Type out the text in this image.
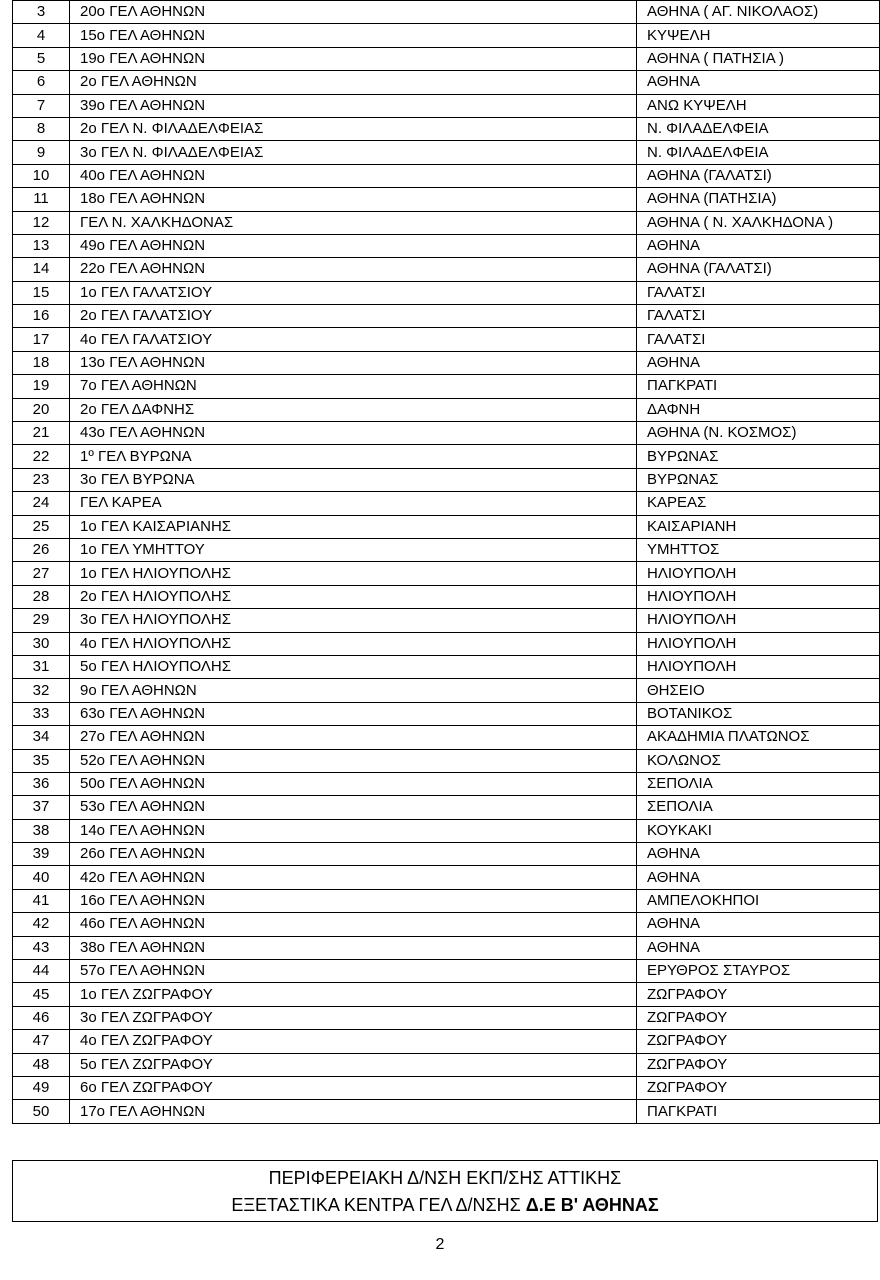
3	20ο ΓΕΛ ΑΘΗΝΩΝ	ΑΘΗΝΑ ( ΑΓ. ΝΙΚΟΛΑΟΣ)
4	15ο ΓΕΛ ΑΘΗΝΩΝ	ΚΥΨΕΛΗ
5	19ο ΓΕΛ ΑΘΗΝΩΝ	ΑΘΗΝΑ ( ΠΑΤΗΣΙΑ )
6	2ο ΓΕΛ ΑΘΗΝΩΝ	ΑΘΗΝΑ
7	39ο ΓΕΛ ΑΘΗΝΩΝ	ΑΝΩ ΚΥΨΕΛΗ
8	2ο ΓΕΛ Ν. ΦΙΛΑΔΕΛΦΕΙΑΣ	Ν. ΦΙΛΑΔΕΛΦΕΙΑ
9	3ο ΓΕΛ Ν. ΦΙΛΑΔΕΛΦΕΙΑΣ	Ν. ΦΙΛΑΔΕΛΦΕΙΑ
10	40ο ΓΕΛ ΑΘΗΝΩΝ	ΑΘΗΝΑ (ΓΑΛΑΤΣΙ)
11	18ο ΓΕΛ ΑΘΗΝΩΝ	ΑΘΗΝΑ (ΠΑΤΗΣΙΑ)
12	ΓΕΛ Ν. ΧΑΛΚΗΔΟΝΑΣ	ΑΘΗΝΑ ( Ν. ΧΑΛΚΗΔΟΝΑ )
13	49ο ΓΕΛ ΑΘΗΝΩΝ	ΑΘΗΝΑ
14	22ο ΓΕΛ ΑΘΗΝΩΝ	ΑΘΗΝΑ (ΓΑΛΑΤΣΙ)
15	1ο ΓΕΛ ΓΑΛΑΤΣΙΟΥ	ΓΑΛΑΤΣΙ
16	2ο ΓΕΛ ΓΑΛΑΤΣΙΟΥ	ΓΑΛΑΤΣΙ
17	4ο ΓΕΛ ΓΑΛΑΤΣΙΟΥ	ΓΑΛΑΤΣΙ
18	13ο ΓΕΛ ΑΘΗΝΩΝ	ΑΘΗΝΑ
19	7ο ΓΕΛ ΑΘΗΝΩΝ	ΠΑΓΚΡΑΤΙ
20	2ο ΓΕΛ ΔΑΦΝΗΣ	ΔΑΦΝΗ
21	43ο ΓΕΛ ΑΘΗΝΩΝ	ΑΘΗΝΑ (Ν. ΚΟΣΜΟΣ)
22	1º ΓΕΛ ΒΥΡΩΝΑ	ΒΥΡΩΝΑΣ
23	3ο ΓΕΛ ΒΥΡΩΝΑ	ΒΥΡΩΝΑΣ
24	ΓΕΛ ΚΑΡΕΑ	ΚΑΡΕΑΣ
25	1ο ΓΕΛ ΚΑΙΣΑΡΙΑΝΗΣ	ΚΑΙΣΑΡΙΑΝΗ
26	1ο ΓΕΛ ΥΜΗΤΤΟΥ	ΥΜΗΤΤΟΣ
27	1ο ΓΕΛ ΗΛΙΟΥΠΟΛΗΣ	ΗΛΙΟΥΠΟΛΗ
28	2ο ΓΕΛ ΗΛΙΟΥΠΟΛΗΣ	ΗΛΙΟΥΠΟΛΗ
29	3ο ΓΕΛ ΗΛΙΟΥΠΟΛΗΣ	ΗΛΙΟΥΠΟΛΗ
30	4ο ΓΕΛ ΗΛΙΟΥΠΟΛΗΣ	ΗΛΙΟΥΠΟΛΗ
31	5ο ΓΕΛ ΗΛΙΟΥΠΟΛΗΣ	ΗΛΙΟΥΠΟΛΗ
32	9ο ΓΕΛ ΑΘΗΝΩΝ	ΘΗΣΕΙΟ
33	63ο ΓΕΛ ΑΘΗΝΩΝ	ΒΟΤΑΝΙΚΟΣ
34	27ο ΓΕΛ ΑΘΗΝΩΝ	ΑΚΑΔΗΜΙΑ ΠΛΑΤΩΝΟΣ
35	52ο ΓΕΛ ΑΘΗΝΩΝ	ΚΟΛΩΝΟΣ
36	50ο ΓΕΛ ΑΘΗΝΩΝ	ΣΕΠΟΛΙΑ
37	53ο ΓΕΛ ΑΘΗΝΩΝ	ΣΕΠΟΛΙΑ
38	14ο ΓΕΛ ΑΘΗΝΩΝ	ΚΟΥΚΑΚΙ
39	26ο ΓΕΛ ΑΘΗΝΩΝ	ΑΘΗΝΑ
40	42ο ΓΕΛ ΑΘΗΝΩΝ	ΑΘΗΝΑ
41	16ο ΓΕΛ ΑΘΗΝΩΝ	ΑΜΠΕΛΟΚΗΠΟΙ
42	46ο ΓΕΛ ΑΘΗΝΩΝ	ΑΘΗΝΑ
43	38ο ΓΕΛ ΑΘΗΝΩΝ	ΑΘΗΝΑ
44	57ο ΓΕΛ ΑΘΗΝΩΝ	ΕΡΥΘΡΟΣ ΣΤΑΥΡΟΣ
45	1ο ΓΕΛ ΖΩΓΡΑΦΟΥ	ΖΩΓΡΑΦΟΥ
46	3ο ΓΕΛ ΖΩΓΡΑΦΟΥ	ΖΩΓΡΑΦΟΥ
47	4ο ΓΕΛ ΖΩΓΡΑΦΟΥ	ΖΩΓΡΑΦΟΥ
48	5ο ΓΕΛ ΖΩΓΡΑΦΟΥ	ΖΩΓΡΑΦΟΥ
49	6ο ΓΕΛ ΖΩΓΡΑΦΟΥ	ΖΩΓΡΑΦΟΥ
50	17ο ΓΕΛ ΑΘΗΝΩΝ	ΠΑΓΚΡΑΤΙ
ΠΕΡΙΦΕΡΕΙΑΚΗ Δ/ΝΣΗ ΕΚΠ/ΣΗΣ ΑΤΤΙΚΗΣ
ΕΞΕΤΑΣΤΙΚΑ ΚΕΝΤΡΑ ΓΕΛ Δ/ΝΣΗΣ Δ.Ε Β' ΑΘΗΝΑΣ
2
